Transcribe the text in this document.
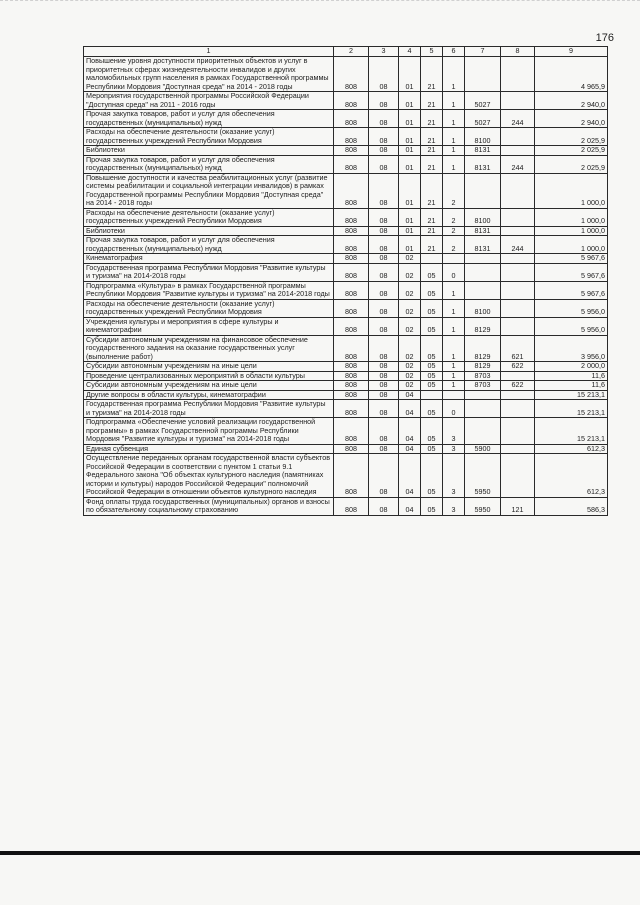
176
1	2	3	4	5	6	7	8	9
Повышение уровня доступности приоритетных объектов и услуг в приоритетных сферах жизнедеятельности инвалидов и других маломобильных групп населения в рамках Государственной программы Республики Мордовия "Доступная среда" на 2014 - 2018 годы	808	08	01	21	1			4 965,9
Мероприятия государственной программы Российской Федерации "Доступная среда" на 2011 - 2016 годы	808	08	01	21	1	5027		2 940,0
Прочая закупка товаров, работ и услуг для обеспечения государственных (муниципальных) нужд	808	08	01	21	1	5027	244	2 940,0
Расходы на обеспечение деятельности (оказание услуг) государственных учреждений Республики Мордовия	808	08	01	21	1	8100		2 025,9
Библиотеки	808	08	01	21	1	8131		2 025,9
Прочая закупка товаров, работ и услуг для обеспечения государственных (муниципальных) нужд	808	08	01	21	1	8131	244	2 025,9
Повышение доступности и качества реабилитационных услуг (развитие системы реабилитации и социальной интеграции инвалидов) в рамках Государственной программы Республики Мордовия "Доступная среда" на 2014 - 2018 годы	808	08	01	21	2			1 000,0
Расходы на обеспечение деятельности (оказание услуг) государственных учреждений Республики Мордовия	808	08	01	21	2	8100		1 000,0
Библиотеки	808	08	01	21	2	8131		1 000,0
Прочая закупка товаров, работ и услуг для обеспечения государственных (муниципальных) нужд	808	08	01	21	2	8131	244	1 000,0
Кинематография	808	08	02					5 967,6
Государственная программа Республики Мордовия "Развитие культуры и туризма" на 2014-2018 годы	808	08	02	05	0			5 967,6
Подпрограмма «Культура» в рамках Государственной программы Республики Мордовия "Развитие культуры и туризма" на 2014-2018 годы	808	08	02	05	1			5 967,6
Расходы на обеспечение деятельности (оказание услуг) государственных учреждений Республики Мордовия	808	08	02	05	1	8100		5 956,0
Учреждения культуры и мероприятия в сфере культуры и кинематографии	808	08	02	05	1	8129		5 956,0
Субсидии автономным учреждениям на финансовое обеспечение государственного задания на оказание государственных услуг (выполнение работ)	808	08	02	05	1	8129	621	3 956,0
Субсидии автономным учреждениям на иные цели	808	08	02	05	1	8129	622	2 000,0
Проведение централизованных мероприятий в области культуры	808	08	02	05	1	8703		11,6
Субсидии автономным учреждениям на иные цели	808	08	02	05	1	8703	622	11,6
Другие вопросы в области культуры, кинематографии	808	08	04					15 213,1
Государственная программа Республики Мордовия "Развитие культуры и туризма" на 2014-2018 годы	808	08	04	05	0			15 213,1
Подпрограмма «Обеспечение условий реализации государственной программы» в рамках Государственной программы Республики Мордовия "Развитие культуры и туризма" на 2014-2018 годы	808	08	04	05	3			15 213,1
Единая субвенция	808	08	04	05	3	5900		612,3
Осуществление переданных органам государственной власти субъектов Российской Федерации в соответствии с пунктом 1 статьи 9.1 Федерального закона "Об объектах культурного наследия (памятниках истории и культуры) народов Российской Федерации" полномочий Российской Федерации в отношении объектов культурного наследия	808	08	04	05	3	5950		612,3
Фонд оплаты труда государственных (муниципальных) органов и взносы по обязательному социальному страхованию	808	08	04	05	3	5950	121	586,3
